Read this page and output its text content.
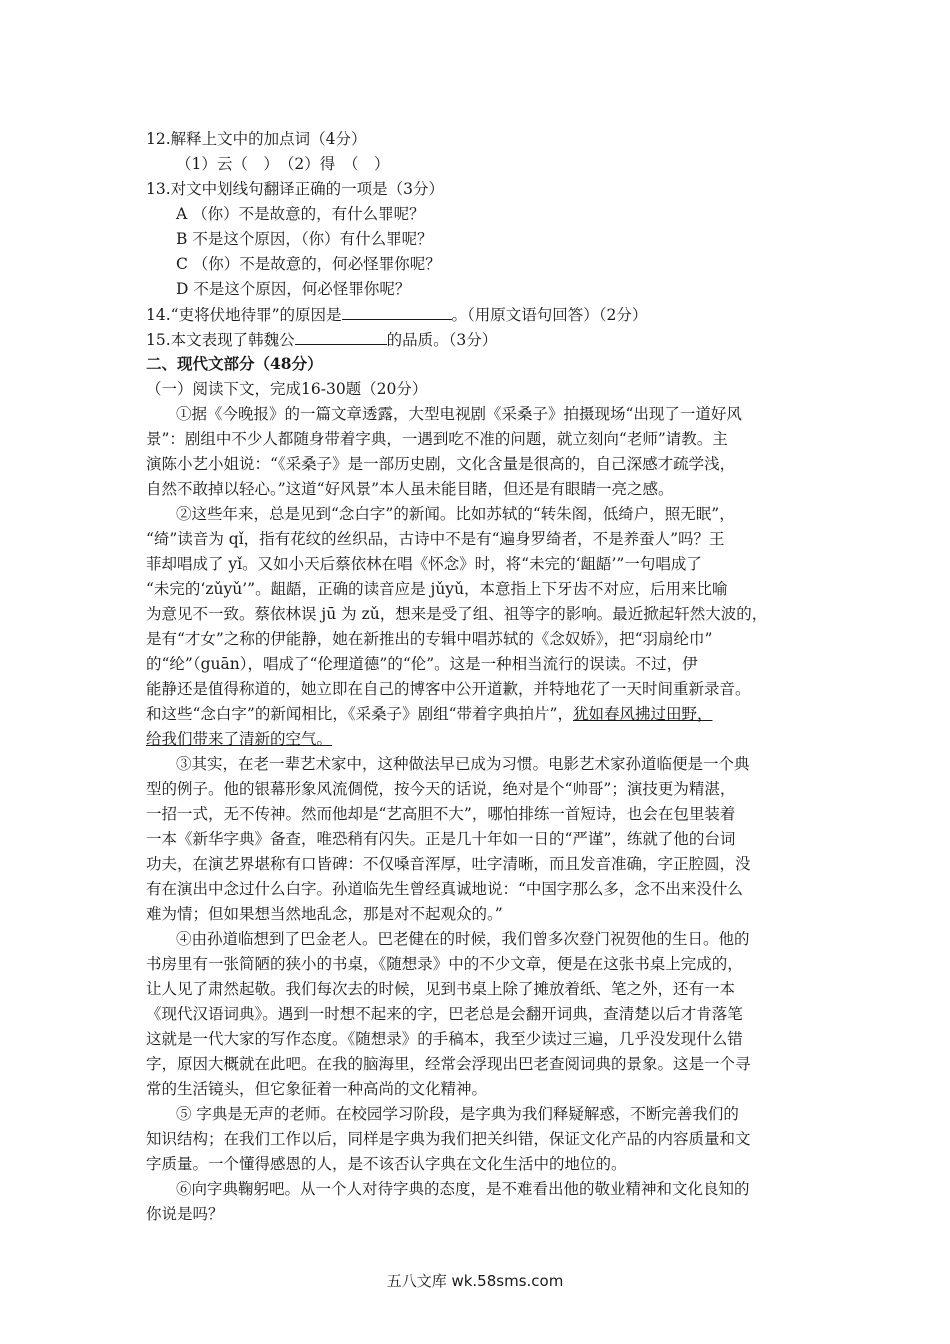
12.解释上文中的加点词（4分）
（1）云（　）　（2）得　（　）
13.对文中划线句翻译正确的一项是（3分）
A （你）不是故意的，有什么罪呢？
B 不是这个原因，（你）有什么罪呢？
C （你）不是故意的，何必怪罪你呢？
D 不是这个原因，何必怪罪你呢？
14.“吏将伏地待罪”的原因是	。（用原文语句回答）（2分）
15.本文表现了韩魏公	的品质。（3分）
二、现代文部分（48分）
（一）阅读下文，完成16-30题（20分）
①据《今晚报》的一篇文章透露，大型电视剧《采桑子》拍摄现场“出现了一道好风
景”：剧组中不少人都随身带着字典，一遇到吃不准的问题，就立刻向“老师”请教。主
演陈小艺小姐说：“《采桑子》是一部历史剧，文化含量是很高的，自己深感才疏学浅，
自然不敢掉以轻心。”这道“好风景”本人虽未能目睹，但还是有眼睛一亮之感。
②这些年来，总是见到“念白字”的新闻。比如苏轼的“转朱阁，低绮户，照无眠”，
“绮”读音为 qǐ，指有花纹的丝织品，古诗中不是有“遍身罗绮者，不是养蚕人”吗？王
菲却唱成了 yǐ。又如小天后蔡依林在唱《怀念》时，将“未完的‘龃龉’”一句唱成了
“未完的‘zǔyǔ’”。龃龉，正确的读音应是 jǔyǔ，本意指上下牙齿不对应，后用来比喻
为意见不一致。蔡依林误 jū 为 zǔ，想来是受了组、祖等字的影响。最近掀起轩然大波的，
是有“才女”之称的伊能静，她在新推出的专辑中唱苏轼的《念奴娇》，把“羽扇纶巾”
的“纶”（guān），唱成了“伦理道德”的“伦”。这是一种相当流行的误读。不过，伊
能静还是值得称道的，她立即在自己的博客中公开道歉，并特地花了一天时间重新录音。
和这些“念白字”的新闻相比，《采桑子》剧组“带着字典拍片”，犹如春风拂过田野，
给我们带来了清新的空气。
③其实，在老一辈艺术家中，这种做法早已成为习惯。电影艺术家孙道临便是一个典
型的例子。他的银幕形象风流倜傥，按今天的话说，绝对是个“帅哥”；演技更为精湛，
一招一式，无不传神。然而他却是“艺高胆不大”，哪怕排练一首短诗，也会在包里装着
一本《新华字典》备查，唯恐稍有闪失。正是几十年如一日的“严谨”，练就了他的台词
功夫，在演艺界堪称有口皆碑：不仅嗓音浑厚，吐字清晰，而且发音准确，字正腔圆，没
有在演出中念过什么白字。孙道临先生曾经真诚地说：“中国字那么多，念不出来没什么
难为情；但如果想当然地乱念，那是对不起观众的。”
④由孙道临想到了巴金老人。巴老健在的时候，我们曾多次登门祝贺他的生日。他的
书房里有一张简陋的狭小的书桌，《随想录》中的不少文章，便是在这张书桌上完成的，
让人见了肃然起敬。我们每次去的时候，见到书桌上除了摊放着纸、笔之外，还有一本
《现代汉语词典》。遇到一时想不起来的字，巴老总是会翻开词典，查清楚以后才肯落笔
这就是一代大家的写作态度。《随想录》的手稿本，我至少读过三遍，几乎没发现什么错
字，原因大概就在此吧。在我的脑海里，经常会浮现出巴老查阅词典的景象。这是一个寻
常的生活镜头，但它象征着一种高尚的文化精神。
⑤ 字典是无声的老师。在校园学习阶段，是字典为我们释疑解惑，不断完善我们的
知识结构；在我们工作以后，同样是字典为我们把关纠错，保证文化产品的内容质量和文
字质量。一个懂得感恩的人，是不该否认字典在文化生活中的地位的。
⑥向字典鞠躬吧。从一个人对待字典的态度，是不难看出他的敬业精神和文化良知的
你说是吗？
五八文库 wk.58sms.com
